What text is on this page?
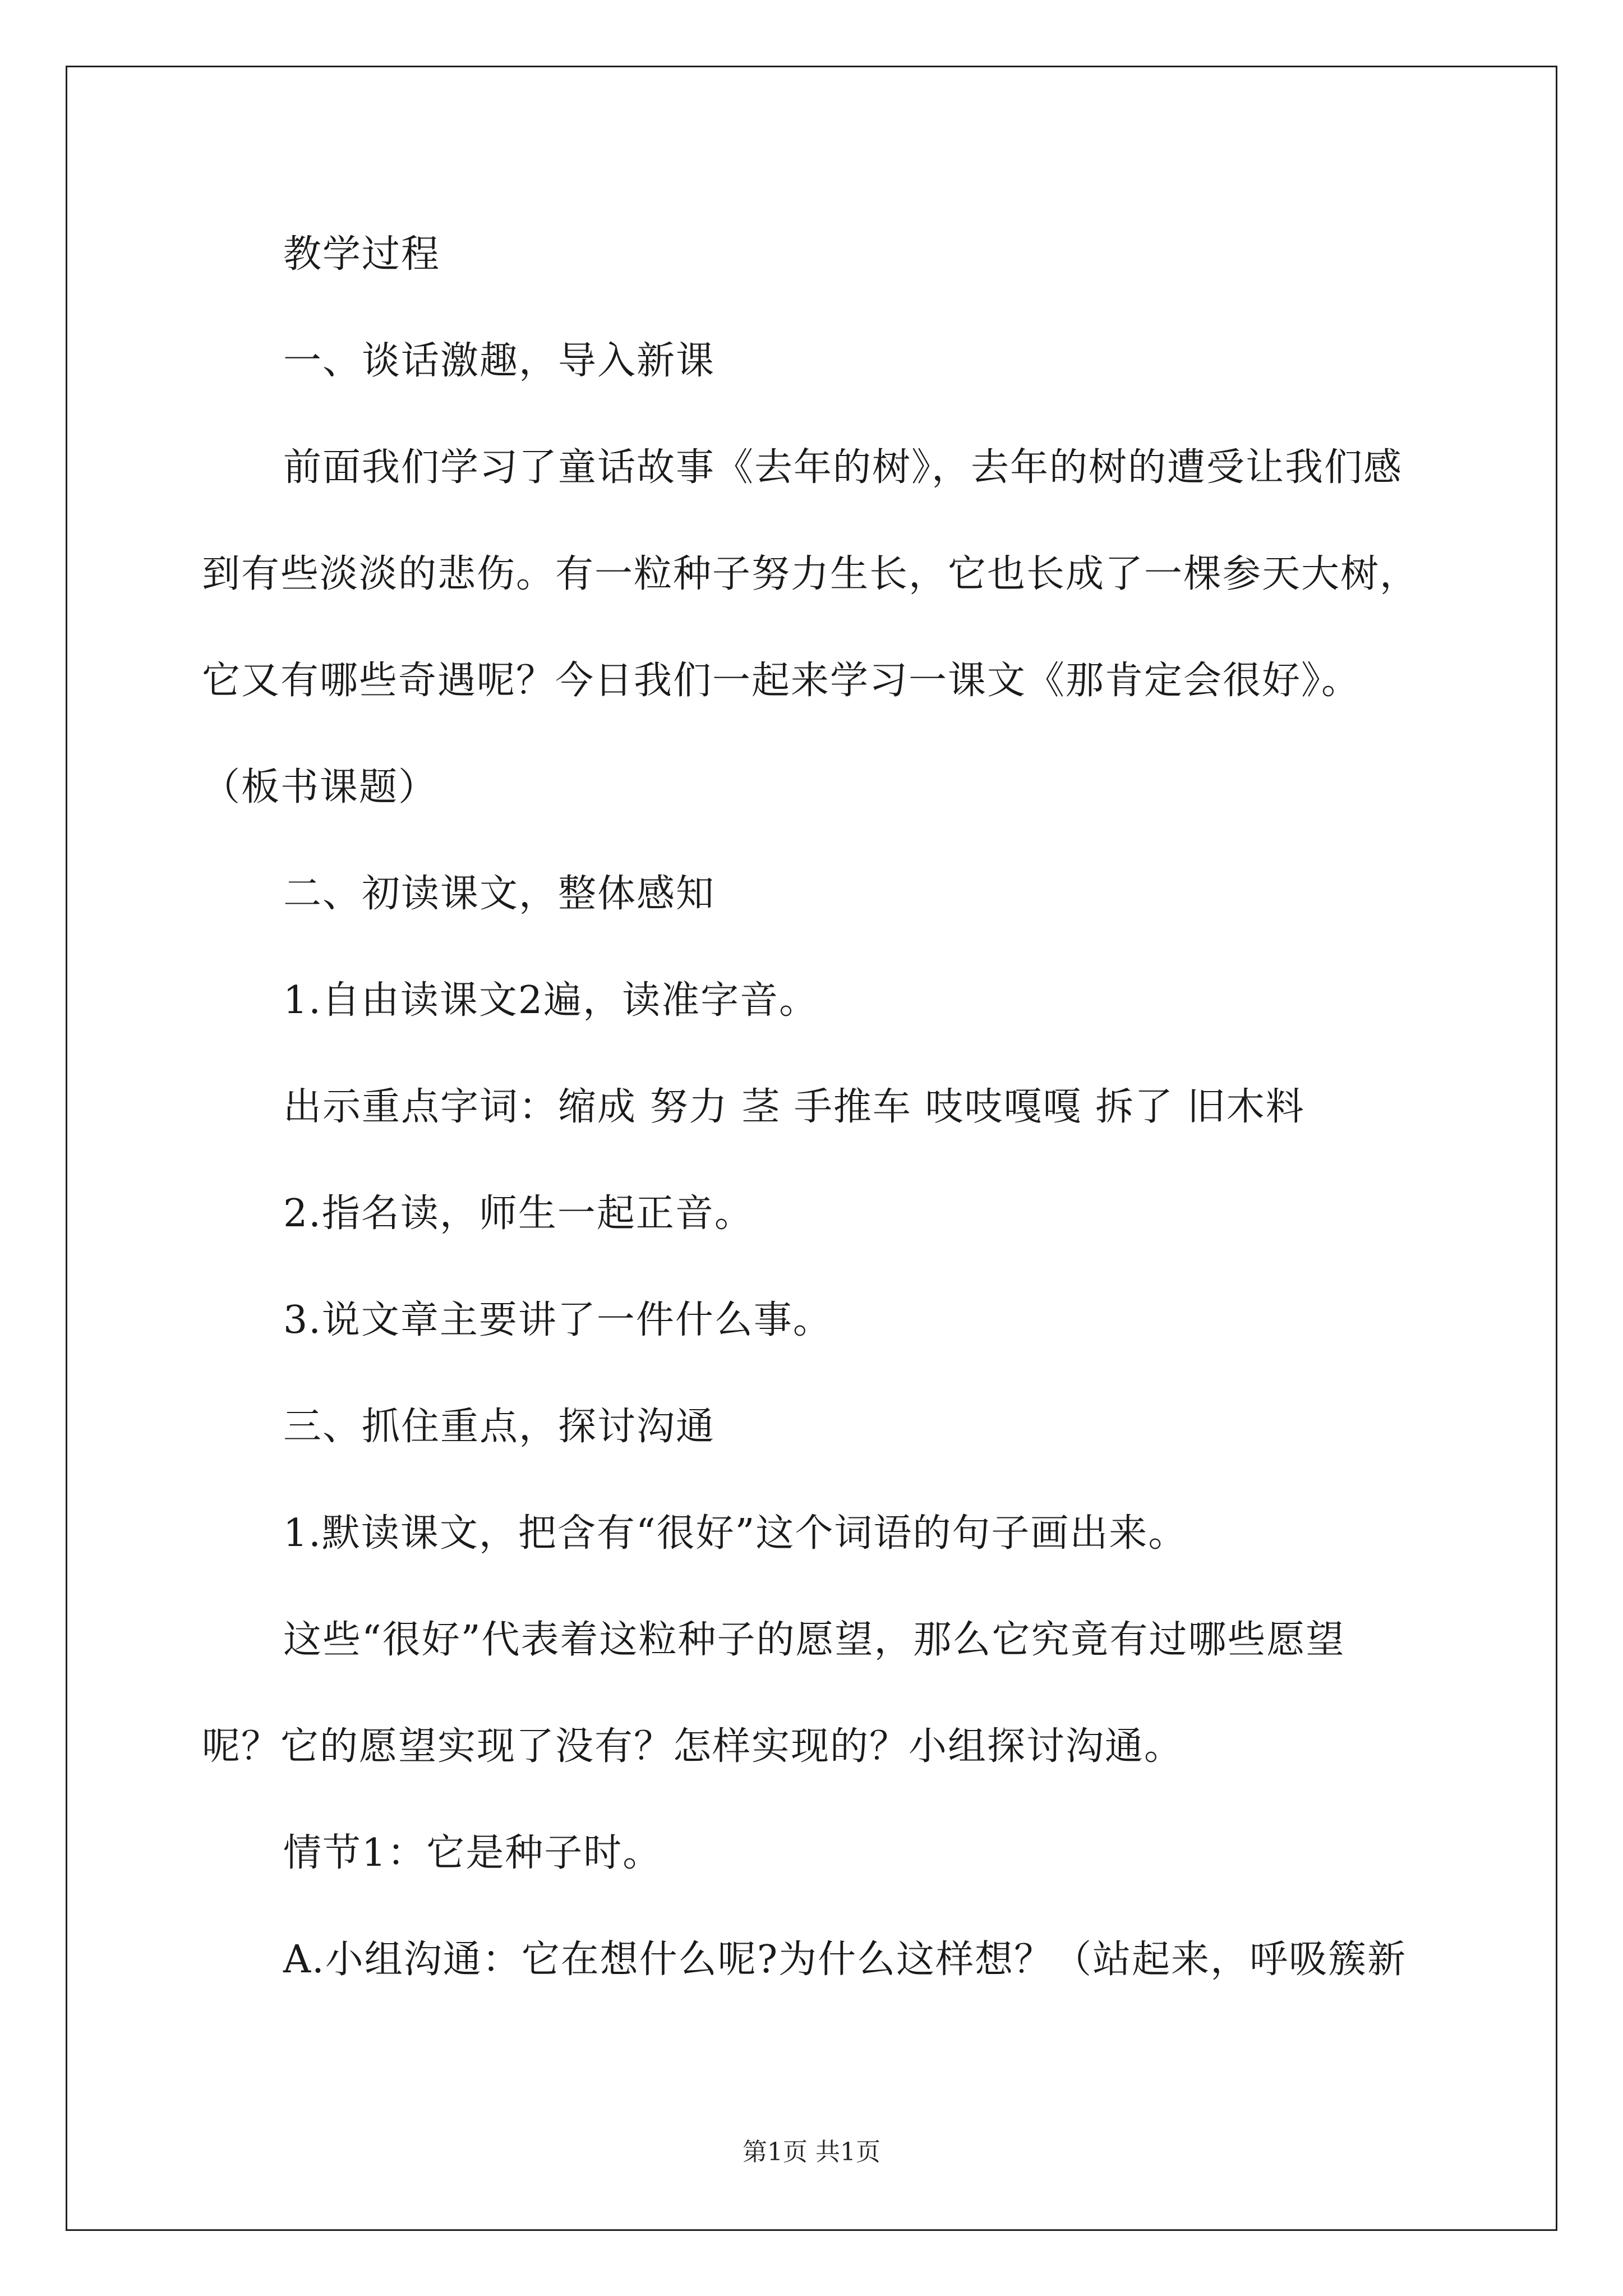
教学过程
一、谈话激趣，导入新课
前面我们学习了童话故事《去年的树》，去年的树的遭受让我们感
到有些淡淡的悲伤。有一粒种子努力生长，它也长成了一棵参天大树，
它又有哪些奇遇呢？今日我们一起来学习一课文《那肯定会很好》。
（板书课题）
二、初读课文，整体感知
1.自由读课文2遍，读准字音。
出示重点字词：缩成 努力 茎 手推车 吱吱嘎嘎 拆了 旧木料
2.指名读，师生一起正音。
3.说文章主要讲了一件什么事。
三、抓住重点，探讨沟通
1.默读课文，把含有“很好”这个词语的句子画出来。
这些“很好”代表着这粒种子的愿望，那么它究竟有过哪些愿望
呢？它的愿望实现了没有？怎样实现的？小组探讨沟通。
情节1：它是种子时。
A.小组沟通：它在想什么呢?为什么这样想？（站起来，呼吸簇新
第1页 共1页
